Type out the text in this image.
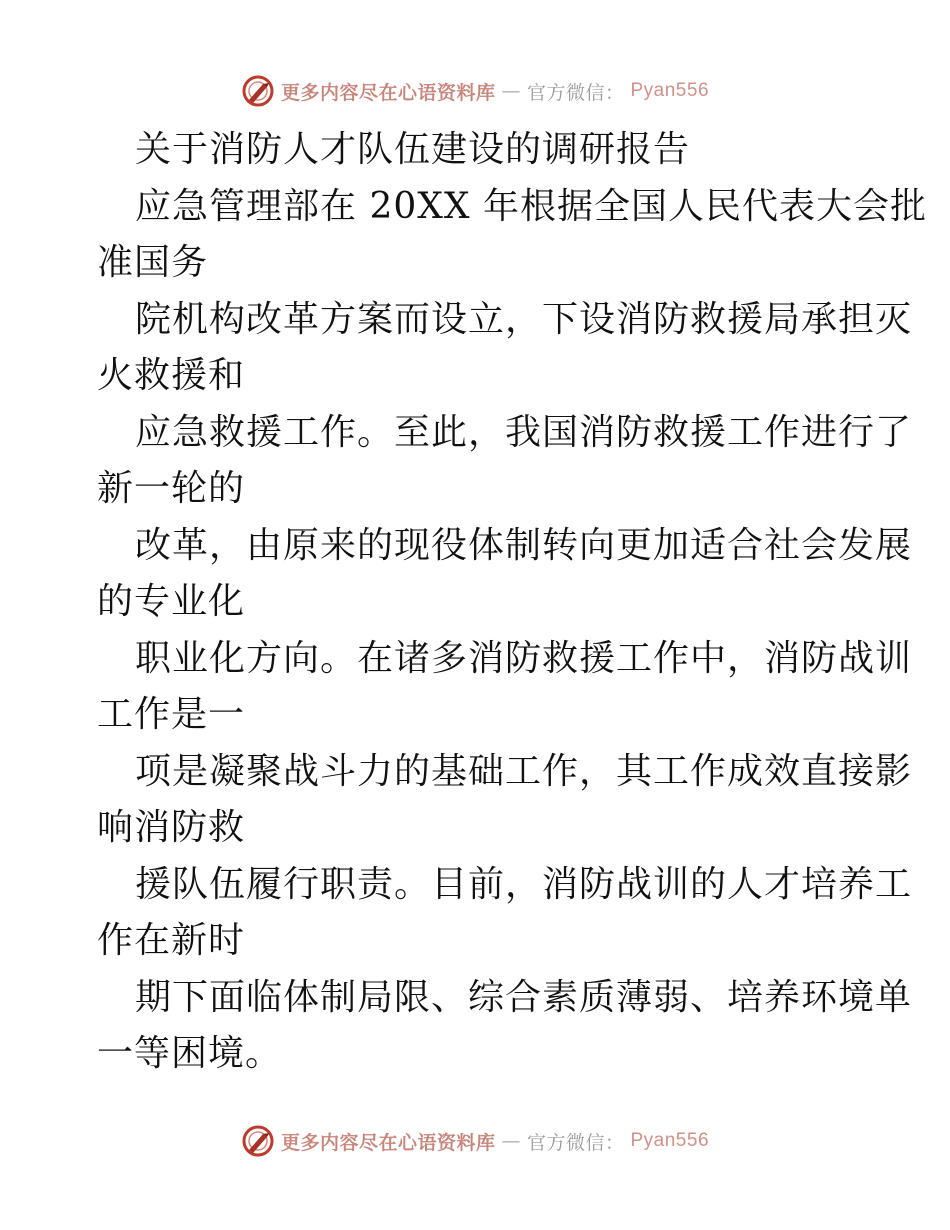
更多内容尽在心语资料库 — 官方微信： Pyan556
关于消防人才队伍建设的调研报告
应急管理部在 20XX 年根据全国人民代表大会批
准国务
院机构改革方案而设立，下设消防救援局承担灭
火救援和
应急救援工作。至此，我国消防救援工作进行了
新一轮的
改革，由原来的现役体制转向更加适合社会发展
的专业化
职业化方向。在诸多消防救援工作中，消防战训
工作是一
项是凝聚战斗力的基础工作，其工作成效直接影
响消防救
援队伍履行职责。目前，消防战训的人才培养工
作在新时
期下面临体制局限、综合素质薄弱、培养环境单
一等困境。
更多内容尽在心语资料库 — 官方微信： Pyan556
